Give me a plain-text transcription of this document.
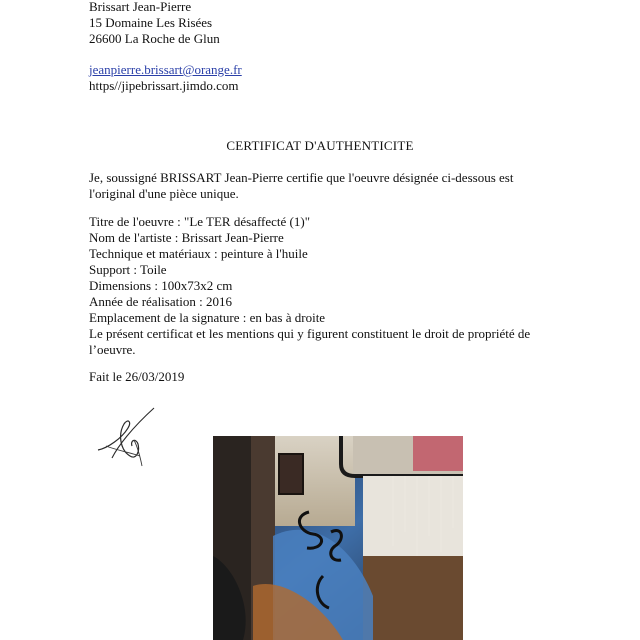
Brissart Jean-Pierre
15 Domaine Les Risées
26600 La Roche de Glun
jeanpierre.brissart@orange.fr
https//jipebrissart.jimdo.com
CERTIFICAT D'AUTHENTICITE
Je, soussigné BRISSART Jean-Pierre certifie que l'oeuvre désignée ci-dessous est
l'original d'une pièce unique.
Titre de l'oeuvre : "Le TER désaffecté (1)"
Nom de l'artiste : Brissart Jean-Pierre
Technique et matériaux : peinture à l'huile
Support : Toile
Dimensions : 100x73x2 cm
Année de réalisation : 2016
Emplacement de la signature : en bas à droite
Le présent certificat et les mentions qui y figurent constituent le droit de propriété de
l’oeuvre.
Fait le 26/03/2019
